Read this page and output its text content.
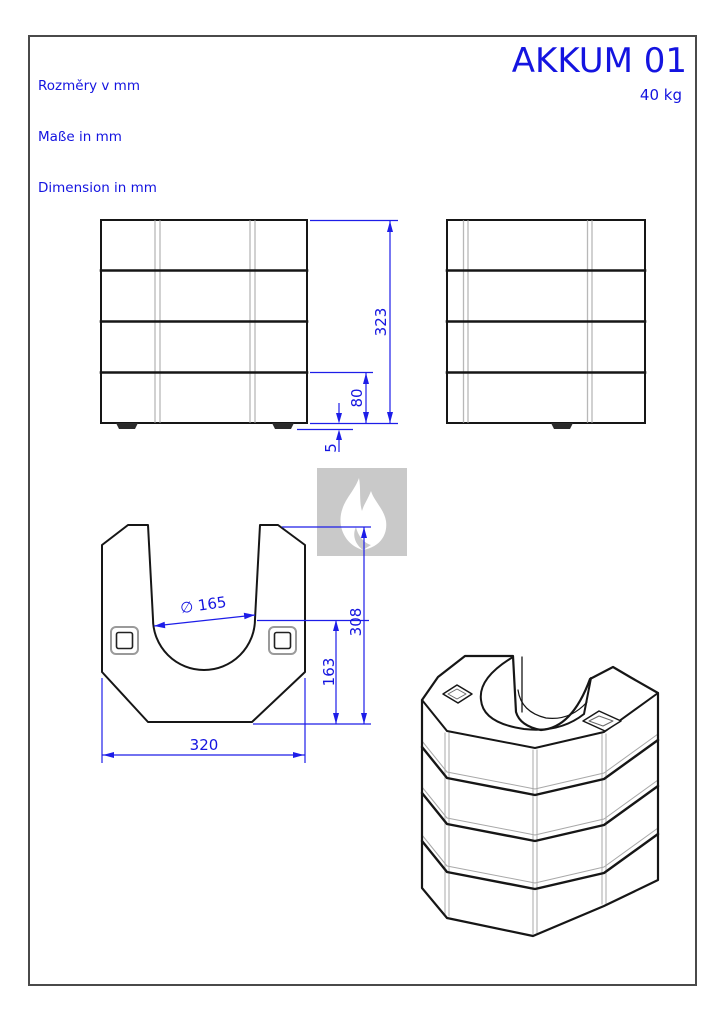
Rozměry v mm

Maße in mm

Dimension in mm

AKKUM 01
40 kg
323
80
5
∅ 165
308
163
320
